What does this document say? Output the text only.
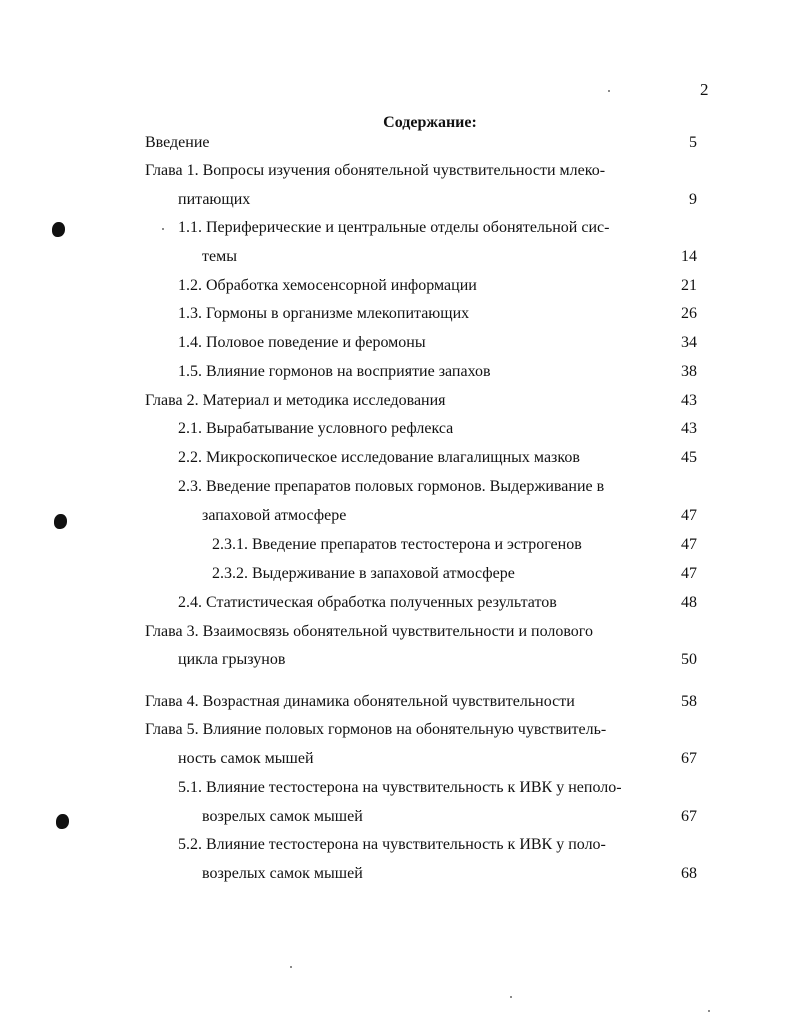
2
Содержание:
Введение	5
Глава 1. Вопросы изучения обонятельной чувствительности млеко-
питающих	9
1.1. Периферические и центральные отделы обонятельной сис-
темы	14
1.2. Обработка хемосенсорной информации	21
1.3. Гормоны в организме млекопитающих	26
1.4. Половое поведение и феромоны	34
1.5. Влияние гормонов на восприятие запахов	38
Глава 2. Материал и методика исследования	43
2.1. Вырабатывание условного рефлекса	43
2.2. Микроскопическое исследование влагалищных мазков	45
2.3. Введение препаратов половых гормонов. Выдерживание в
запаховой атмосфере	47
2.3.1. Введение препаратов тестостерона и эстрогенов	47
2.3.2. Выдерживание в запаховой атмосфере	47
2.4. Статистическая обработка полученных результатов	48
Глава 3. Взаимосвязь обонятельной чувствительности и полового
цикла грызунов	50
Глава 4. Возрастная динамика обонятельной чувствительности	58
Глава 5. Влияние половых гормонов на обонятельную чувствитель-
ность самок мышей	67
5.1. Влияние тестостерона на чувствительность к ИВК у неполо-
возрелых самок мышей	67
5.2. Влияние тестостерона на чувствительность к ИВК у поло-
возрелых самок мышей	68
